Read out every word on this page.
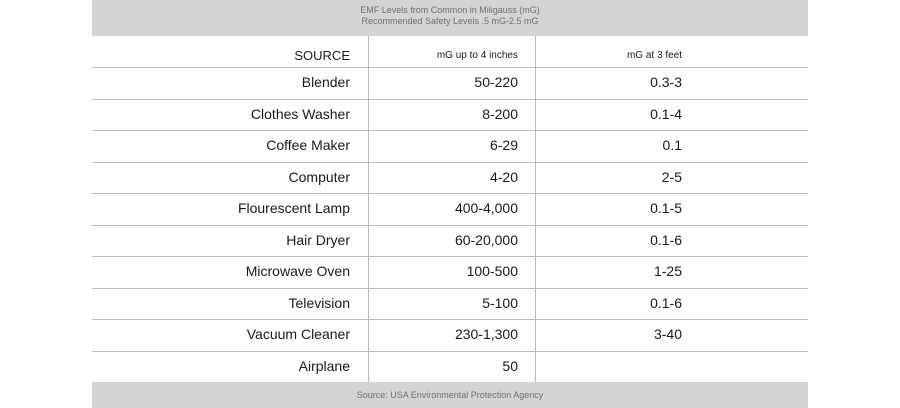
EMF Levels from Common in Miligauss (mG)
Recommended Safety Levels .5 mG-2.5 mG
SOURCE	mG up to 4 inches	mG at 3 feet
Blender	50-220	0.3-3
Clothes Washer	8-200	0.1-4
Coffee Maker	6-29	0.1
Computer	4-20	2-5
Flourescent Lamp	400-4,000	0.1-5
Hair Dryer	60-20,000	0.1-6
Microwave Oven	100-500	1-25
Television	5-100	0.1-6
Vacuum Cleaner	230-1,300	3-40
Airplane	50
Source: USA Environmental Protection Agency
